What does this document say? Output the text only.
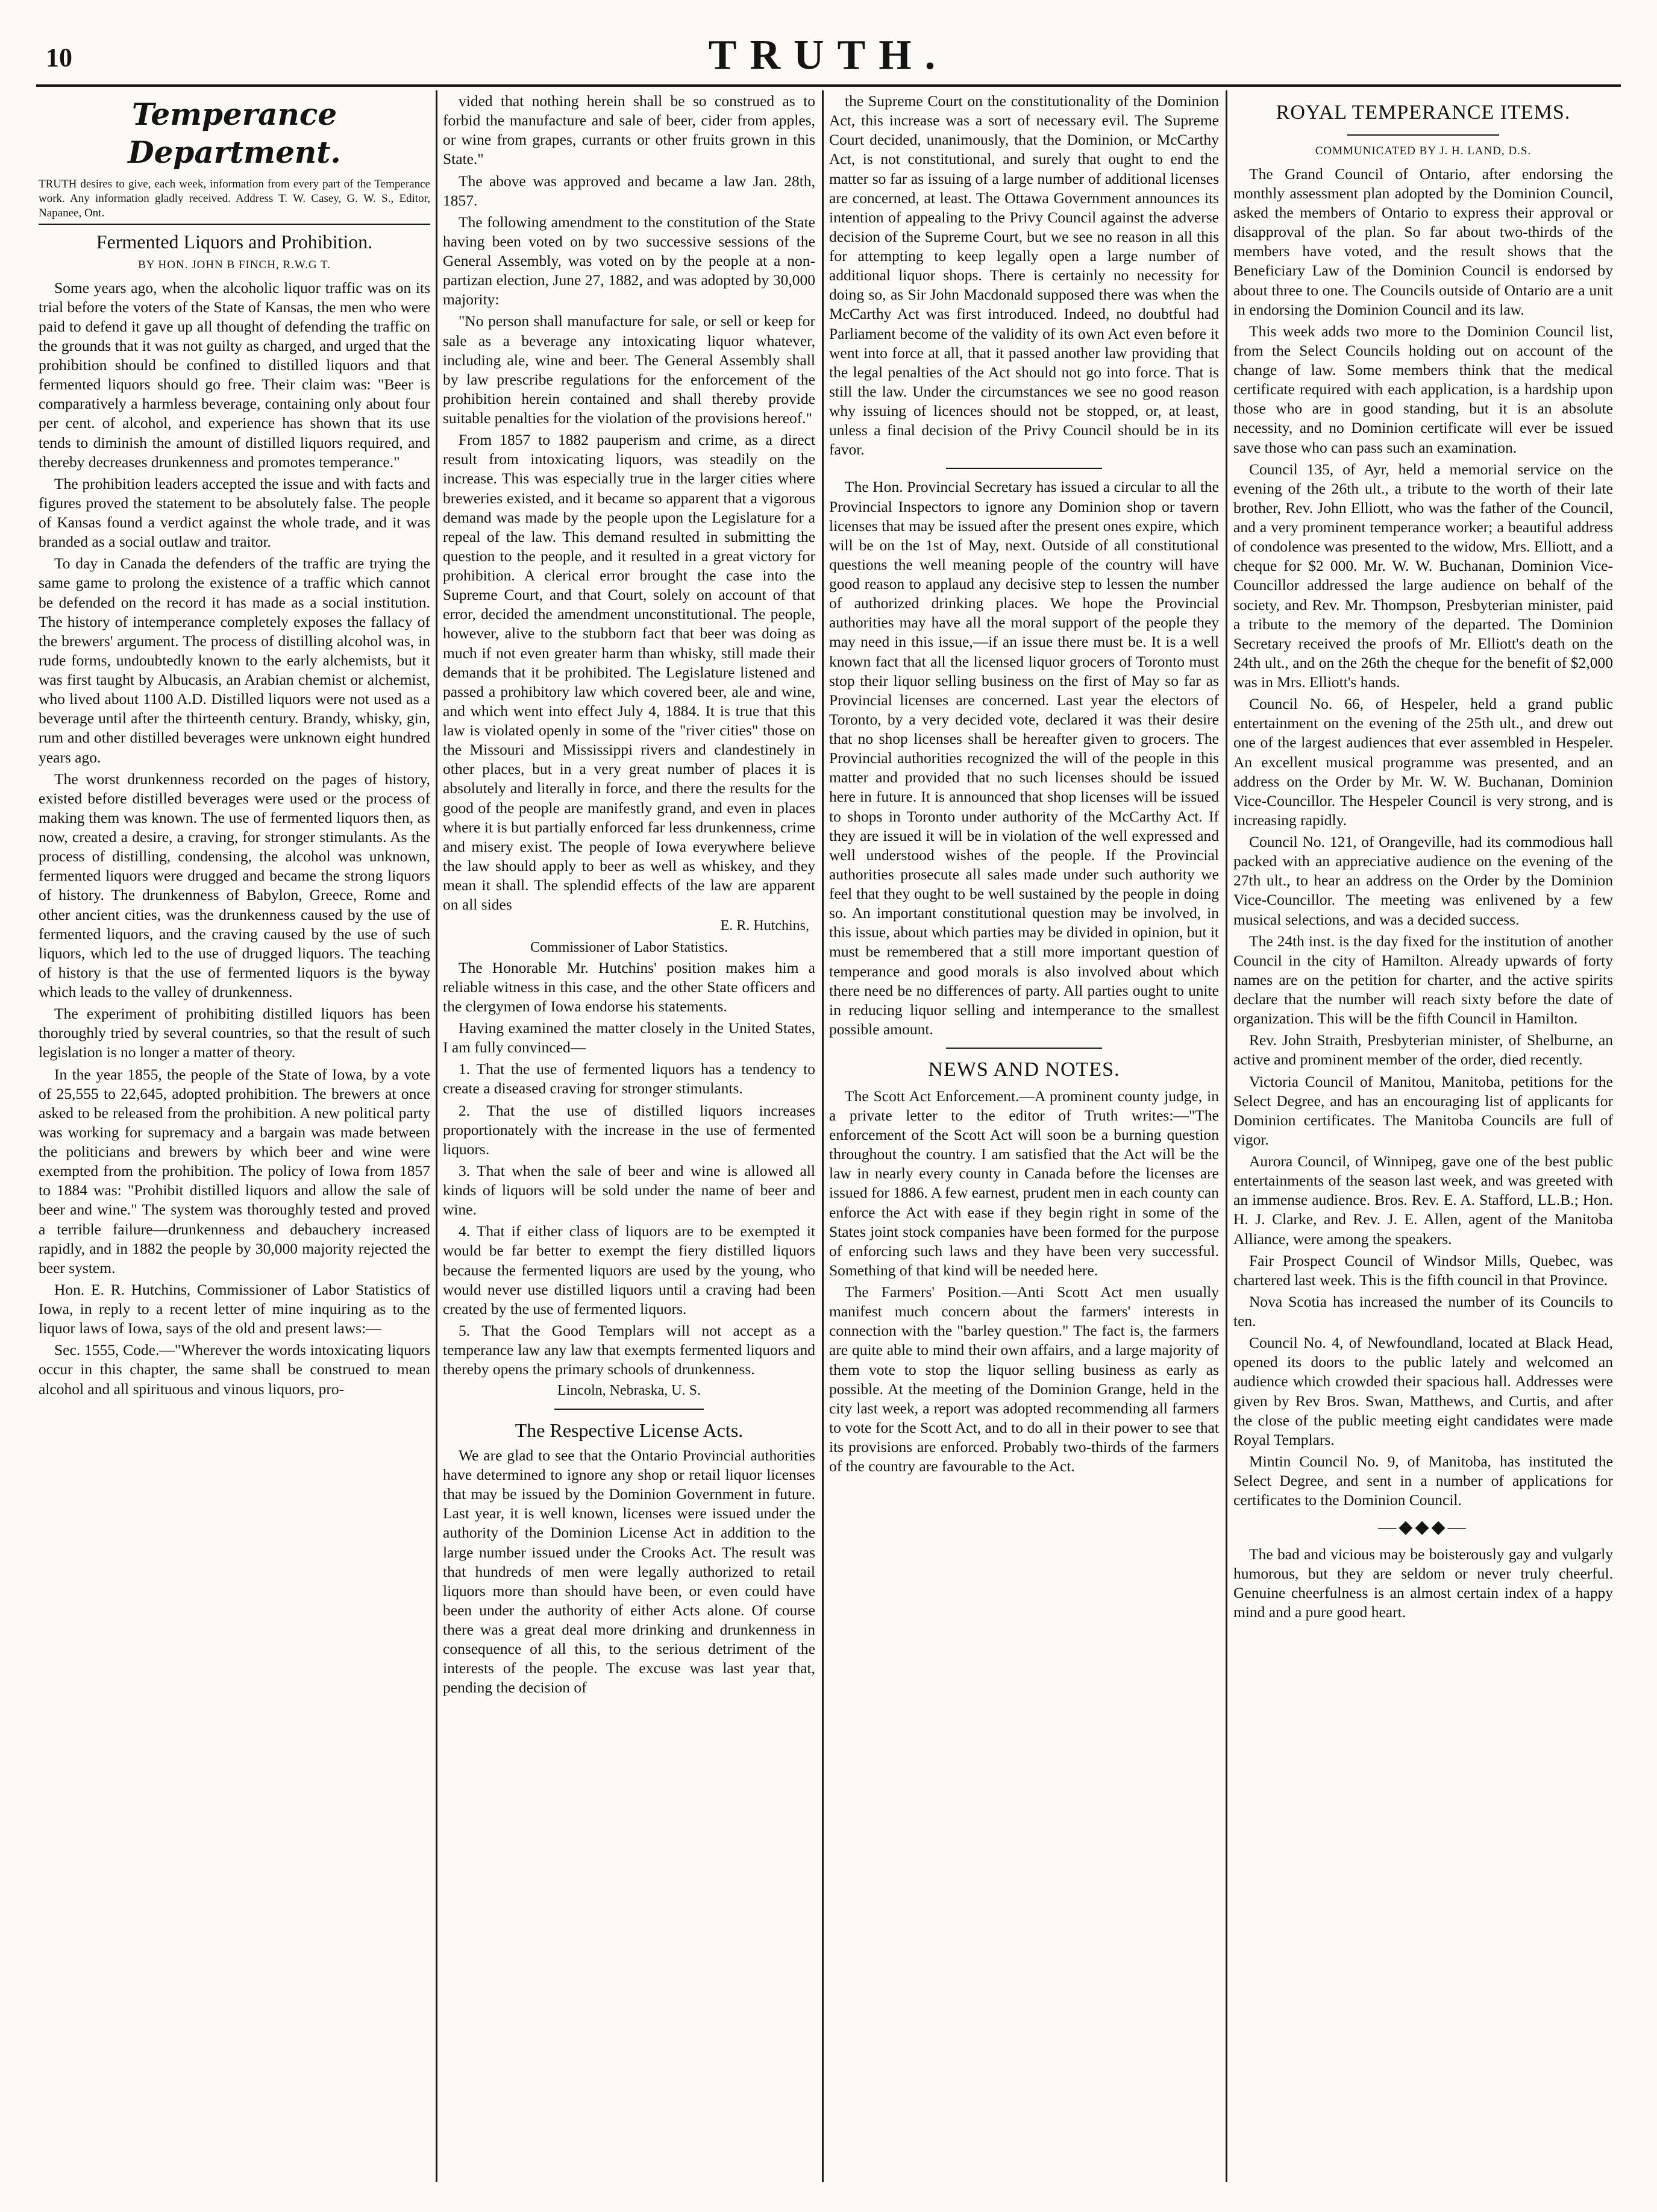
10	TRUTH.
Temperance Department.
TRUTH desires to give, each week, information from every part of the Temperance work. Any information gladly received. Address T. W. Casey, G. W. S., Editor, Napanee, Ont.
Fermented Liquors and Prohibition.
BY HON. JOHN B FINCH, R.W.G T.

Some years ago, when the alcoholic liquor traffic was on its trial before the voters of the State of Kansas, the men who were paid to defend it gave up all thought of defending the traffic on the grounds that it was not guilty as charged, and urged that the prohibition should be confined to distilled liquors and that fermented liquors should go free. Their claim was: "Beer is comparatively a harmless beverage, containing only about four per cent. of alcohol, and experience has shown that its use tends to diminish the amount of distilled liquors required, and thereby decreases drunkenness and promotes temperance."

The prohibition leaders accepted the issue and with facts and figures proved the statement to be absolutely false. The people of Kansas found a verdict against the whole trade, and it was branded as a social outlaw and traitor.

To day in Canada the defenders of the traffic are trying the same game to prolong the existence of a traffic which cannot be defended on the record it has made as a social institution. The history of intemperance completely exposes the fallacy of the brewers' argument. The process of distilling alcohol was, in rude forms, undoubtedly known to the early alchemists, but it was first taught by Albucasis, an Arabian chemist or alchemist, who lived about 1100 A.D. Distilled liquors were not used as a beverage until after the thirteenth century. Brandy, whisky, gin, rum and other distilled beverages were unknown eight hundred years ago.

The worst drunkenness recorded on the pages of history, existed before distilled beverages were used or the process of making them was known. The use of fermented liquors then, as now, created a desire, a craving, for stronger stimulants. As the process of distilling, condensing, the alcohol was unknown, fermented liquors were drugged and became the strong liquors of history. The drunkenness of Babylon, Greece, Rome and other ancient cities, was the drunkenness caused by the use of fermented liquors, and the craving caused by the use of such liquors, which led to the use of drugged liquors. The teaching of history is that the use of fermented liquors is the byway which leads to the valley of drunkenness.

The experiment of prohibiting distilled liquors has been thoroughly tried by several countries, so that the result of such legislation is no longer a matter of theory.

In the year 1855, the people of the State of Iowa, by a vote of 25,555 to 22,645, adopted prohibition. The brewers at once asked to be released from the prohibition. A new political party was working for supremacy and a bargain was made between the politicians and brewers by which beer and wine were exempted from the prohibition. The policy of Iowa from 1857 to 1884 was: "Prohibit distilled liquors and allow the sale of beer and wine." The system was thoroughly tested and proved a terrible failure—drunkenness and debauchery increased rapidly, and in 1882 the people by 30,000 majority rejected the beer system.

Hon. E. R. Hutchins, Commissioner of Labor Statistics of Iowa, in reply to a recent letter of mine inquiring as to the liquor laws of Iowa, says of the old and present laws:—

Sec. 1555, Code.—"Wherever the words intoxicating liquors occur in this chapter, the same shall be construed to mean alcohol and all spirituous and vinous liquors, pro-

vided that nothing herein shall be so construed as to forbid the manufacture and sale of beer, cider from apples, or wine from grapes, currants or other fruits grown in this State."

The above was approved and became a law Jan. 28th, 1857.

The following amendment to the constitution of the State having been voted on by two successive sessions of the General Assembly, was voted on by the people at a non-partizan election, June 27, 1882, and was adopted by 30,000 majority:

"No person shall manufacture for sale, or sell or keep for sale as a beverage any intoxicating liquor whatever, including ale, wine and beer. The General Assembly shall by law prescribe regulations for the enforcement of the prohibition herein contained and shall thereby provide suitable penalties for the violation of the provisions hereof."

From 1857 to 1882 pauperism and crime, as a direct result from intoxicating liquors, was steadily on the increase. This was especially true in the larger cities where breweries existed, and it became so apparent that a vigorous demand was made by the people upon the Legislature for a repeal of the law. This demand resulted in submitting the question to the people, and it resulted in a great victory for prohibition. A clerical error brought the case into the Supreme Court, and that Court, solely on account of that error, decided the amendment unconstitutional. The people, however, alive to the stubborn fact that beer was doing as much if not even greater harm than whisky, still made their demands that it be prohibited. The Legislature listened and passed a prohibitory law which covered beer, ale and wine, and which went into effect July 4, 1884. It is true that this law is violated openly in some of the "river cities" those on the Missouri and Mississippi rivers and clandestinely in other places, but in a very great number of places it is absolutely and literally in force, and there the results for the good of the people are manifestly grand, and even in places where it is but partially enforced far less drunkenness, crime and misery exist. The people of Iowa everywhere believe the law should apply to beer as well as whiskey, and they mean it shall. The splendid effects of the law are apparent on all sides

E. R. Hutchins,
Commissioner of Labor Statistics.

The Honorable Mr. Hutchins' position makes him a reliable witness in this case, and the other State officers and the clergymen of Iowa endorse his statements.

Having examined the matter closely in the United States, I am fully convinced—

1. That the use of fermented liquors has a tendency to create a diseased craving for stronger stimulants.

2. That the use of distilled liquors increases proportionately with the increase in the use of fermented liquors.

3. That when the sale of beer and wine is allowed all kinds of liquors will be sold under the name of beer and wine.

4. That if either class of liquors are to be exempted it would be far better to exempt the fiery distilled liquors because the fermented liquors are used by the young, who would never use distilled liquors until a craving had been created by the use of fermented liquors.

5. That the Good Templars will not accept as a temperance law any law that exempts fermented liquors and thereby opens the primary schools of drunkenness.

Lincoln, Nebraska, U. S.
The Respective License Acts.

We are glad to see that the Ontario Provincial authorities have determined to ignore any shop or retail liquor licenses that may be issued by the Dominion Government in future. Last year, it is well known, licenses were issued under the authority of the Dominion License Act in addition to the large number issued under the Crooks Act. The result was that hundreds of men were legally authorized to retail liquors more than should have been, or even could have been under the authority of either Acts alone. Of course there was a great deal more drinking and drunkenness in consequence of all this, to the serious detriment of the interests of the people. The excuse was last year that, pending the decision of

the Supreme Court on the constitutionality of the Dominion Act, this increase was a sort of necessary evil. The Supreme Court decided, unanimously, that the Dominion, or McCarthy Act, is not constitutional, and surely that ought to end the matter so far as issuing of a large number of additional licenses are concerned, at least. The Ottawa Government announces its intention of appealing to the Privy Council against the adverse decision of the Supreme Court, but we see no reason in all this for attempting to keep legally open a large number of additional liquor shops. There is certainly no necessity for doing so, as Sir John Macdonald supposed there was when the McCarthy Act was first introduced. Indeed, no doubtful had Parliament become of the validity of its own Act even before it went into force at all, that it passed another law providing that the legal penalties of the Act should not go into force. That is still the law. Under the circumstances we see no good reason why issuing of licences should not be stopped, or, at least, unless a final decision of the Privy Council should be in its favor.

The Hon. Provincial Secretary has issued a circular to all the Provincial Inspectors to ignore any Dominion shop or tavern licenses that may be issued after the present ones expire, which will be on the 1st of May, next. Outside of all constitutional questions the well meaning people of the country will have good reason to applaud any decisive step to lessen the number of authorized drinking places. We hope the Provincial authorities may have all the moral support of the people they may need in this issue,—if an issue there must be. It is a well known fact that all the licensed liquor grocers of Toronto must stop their liquor selling business on the first of May so far as Provincial licenses are concerned. Last year the electors of Toronto, by a very decided vote, declared it was their desire that no shop licenses shall be hereafter given to grocers. The Provincial authorities recognized the will of the people in this matter and provided that no such licenses should be issued here in future. It is announced that shop licenses will be issued to shops in Toronto under authority of the McCarthy Act. If they are issued it will be in violation of the well expressed and well understood wishes of the people. If the Provincial authorities prosecute all sales made under such authority we feel that they ought to be well sustained by the people in doing so. An important constitutional question may be involved, in this issue, about which parties may be divided in opinion, but it must be remembered that a still more important question of temperance and good morals is also involved about which there need be no differences of party. All parties ought to unite in reducing liquor selling and intemperance to the smallest possible amount.

NEWS AND NOTES.

The Scott Act Enforcement.—A prominent county judge, in a private letter to the editor of Truth writes:—"The enforcement of the Scott Act will soon be a burning question throughout the country. I am satisfied that the Act will be the law in nearly every county in Canada before the licenses are issued for 1886. A few earnest, prudent men in each county can enforce the Act with ease if they begin right in some of the States joint stock companies have been formed for the purpose of enforcing such laws and they have been very successful. Something of that kind will be needed here.

The Farmers' Position.—Anti Scott Act men usually manifest much concern about the farmers' interests in connection with the "barley question." The fact is, the farmers are quite able to mind their own affairs, and a large majority of them vote to stop the liquor selling business as early as possible. At the meeting of the Dominion Grange, held in the city last week, a report was adopted recommending all farmers to vote for the Scott Act, and to do all in their power to see that its provisions are enforced. Probably two-thirds of the farmers of the country are favourable to the Act.

ROYAL TEMPERANCE ITEMS.
COMMUNICATED BY J. H. LAND, D.S.

The Grand Council of Ontario, after endorsing the monthly assessment plan adopted by the Dominion Council, asked the members of Ontario to express their approval or disapproval of the plan. So far about two-thirds of the members have voted, and the result shows that the Beneficiary Law of the Dominion Council is endorsed by about three to one. The Councils outside of Ontario are a unit in endorsing the Dominion Council and its law.

This week adds two more to the Dominion Council list, from the Select Councils holding out on account of the change of law. Some members think that the medical certificate required with each application, is a hardship upon those who are in good standing, but it is an absolute necessity, and no Dominion certificate will ever be issued save those who can pass such an examination.

Council 135, of Ayr, held a memorial service on the evening of the 26th ult., a tribute to the worth of their late brother, Rev. John Elliott, who was the father of the Council, and a very prominent temperance worker; a beautiful address of condolence was presented to the widow, Mrs. Elliott, and a cheque for $2 000. Mr. W. W. Buchanan, Dominion Vice-Councillor addressed the large audience on behalf of the society, and Rev. Mr. Thompson, Presbyterian minister, paid a tribute to the memory of the departed. The Dominion Secretary received the proofs of Mr. Elliott's death on the 24th ult., and on the 26th the cheque for the benefit of $2,000 was in Mrs. Elliott's hands.

Council No. 66, of Hespeler, held a grand public entertainment on the evening of the 25th ult., and drew out one of the largest audiences that ever assembled in Hespeler. An excellent musical programme was presented, and an address on the Order by Mr. W. W. Buchanan, Dominion Vice-Councillor. The Hespeler Council is very strong, and is increasing rapidly.

Council No. 121, of Orangeville, had its commodious hall packed with an appreciative audience on the evening of the 27th ult., to hear an address on the Order by the Dominion Vice-Councillor. The meeting was enlivened by a few musical selections, and was a decided success.

The 24th inst. is the day fixed for the institution of another Council in the city of Hamilton. Already upwards of forty names are on the petition for charter, and the active spirits declare that the number will reach sixty before the date of organization. This will be the fifth Council in Hamilton.

Rev. John Straith, Presbyterian minister, of Shelburne, an active and prominent member of the order, died recently.

Victoria Council of Manitou, Manitoba, petitions for the Select Degree, and has an encouraging list of applicants for Dominion certificates. The Manitoba Councils are full of vigor.

Aurora Council, of Winnipeg, gave one of the best public entertainments of the season last week, and was greeted with an immense audience. Bros. Rev. E. A. Stafford, LL.B.; Hon. H. J. Clarke, and Rev. J. E. Allen, agent of the Manitoba Alliance, were among the speakers.

Fair Prospect Council of Windsor Mills, Quebec, was chartered last week. This is the fifth council in that Province.

Nova Scotia has increased the number of its Councils to ten.

Council No. 4, of Newfoundland, located at Black Head, opened its doors to the public lately and welcomed an audience which crowded their spacious hall. Addresses were given by Rev Bros. Swan, Matthews, and Curtis, and after the close of the public meeting eight candidates were made Royal Templars.

Mintin Council No. 9, of Manitoba, has instituted the Select Degree, and sent in a number of applications for certificates to the Dominion Council.

—◆◆◆—

The bad and vicious may be boisterously gay and vulgarly humorous, but they are seldom or never truly cheerful. Genuine cheerfulness is an almost certain index of a happy mind and a pure good heart.
